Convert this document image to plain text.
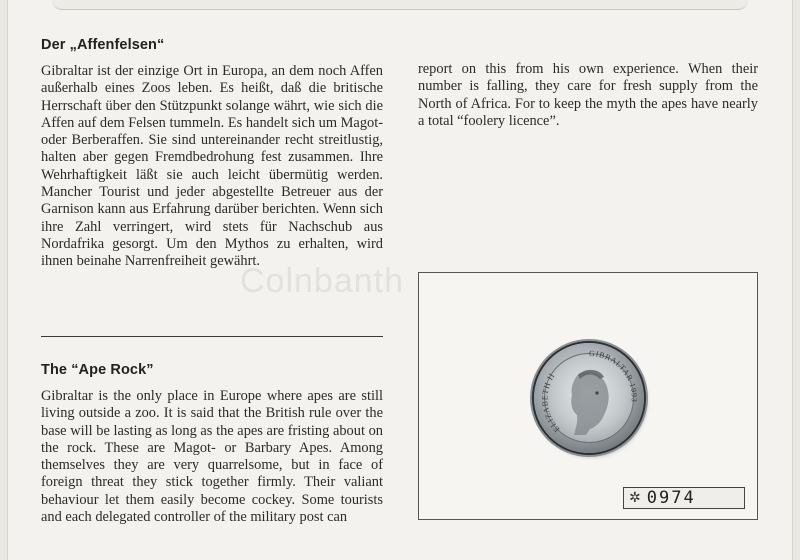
Der „Affenfelsen“

Gibraltar ist der einzige Ort in Europa, an dem noch Affen außerhalb eines Zoos leben. Es heißt, daß die britische Herrschaft über den Stützpunkt solange währt, wie sich die Affen auf dem Felsen tummeln. Es handelt sich um Magot- oder Berberaffen. Sie sind untereinander recht streitlustig, halten aber gegen Fremdbedrohung fest zusammen. Ihre Wehrhaftigkeit läßt sie auch leicht übermütig werden. Mancher Tourist und jeder abgestellte Betreuer aus der Garnison kann aus Erfahrung darüber berichten. Wenn sich ihre Zahl verringert, wird stets für Nachschub aus Nordafrika gesorgt. Um den Mythos zu erhalten, wird ihnen beinahe Narrenfreiheit gewährt.

The “Ape Rock”

Gibraltar is the only place in Europe where apes are still living outside a zoo. It is said that the British rule over the base will be lasting as long as the apes are fristing about on the rock. These are Magot- or Barbary Apes. Among themselves they are very quarrelsome, but in face of foreign threat they stick together firmly. Their valiant behaviour let them easily become cockey. Some tourists and each delegated controller of the military post can

report on this from his own experience. When their number is falling, they care for fresh supply from the North of Africa. For to keep the myth the apes have nearly a total “foolery licence”.

Colnbanth
GIBRALTAR 1993
ELIZABETH II
✲ 0974
